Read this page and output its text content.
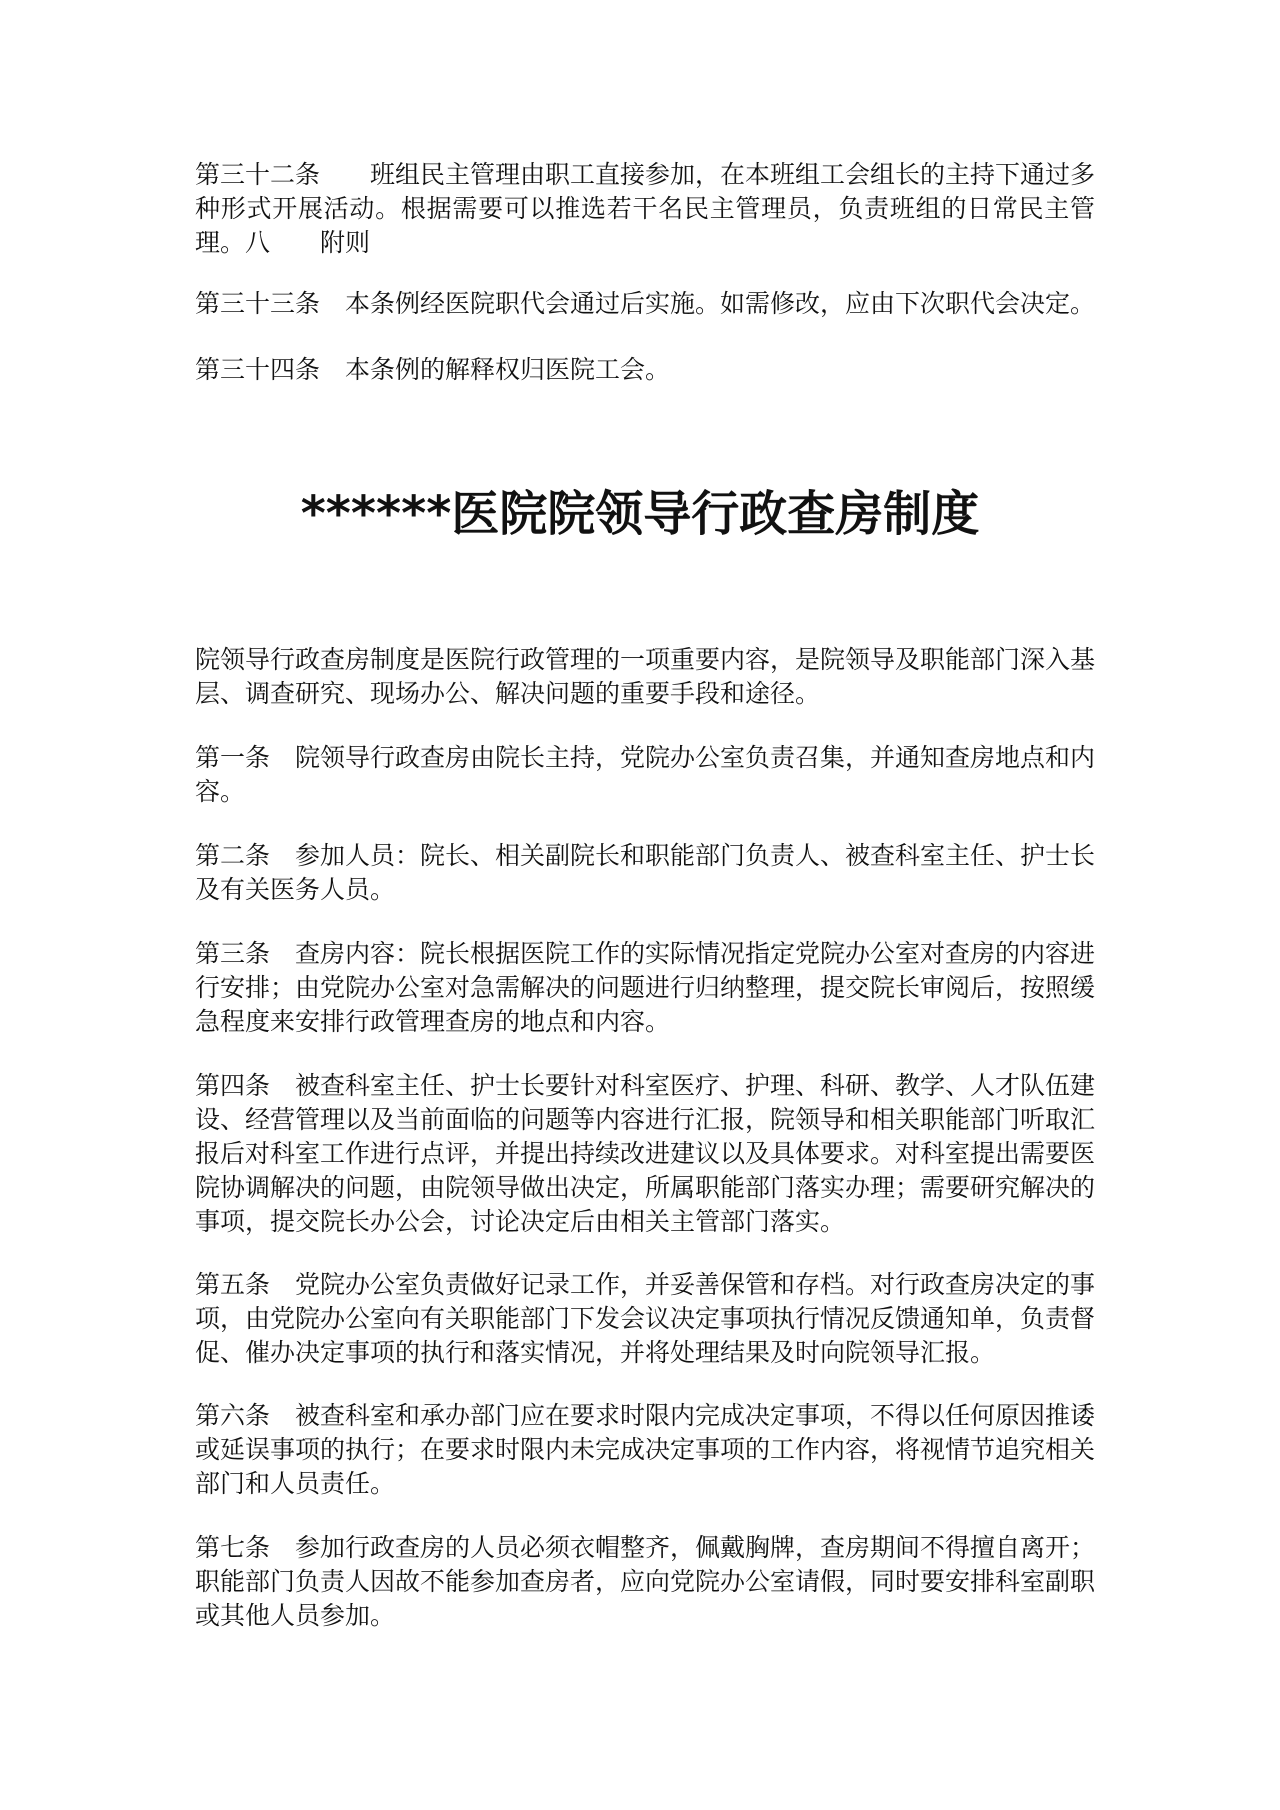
第三十二条　　班组民主管理由职工直接参加，在本班组工会组长的主持下通过多种形式开展活动。根据需要可以推选若干名民主管理员，负责班组的日常民主管理。八　　附则

第三十三条　本条例经医院职代会通过后实施。如需修改，应由下次职代会决定。

第三十四条　本条例的解释权归医院工会。

******医院院领导行政查房制度

院领导行政查房制度是医院行政管理的一项重要内容，是院领导及职能部门深入基层、调查研究、现场办公、解决问题的重要手段和途径。

第一条　院领导行政查房由院长主持，党院办公室负责召集，并通知查房地点和内容。

第二条　参加人员：院长、相关副院长和职能部门负责人、被查科室主任、护士长及有关医务人员。

第三条　查房内容：院长根据医院工作的实际情况指定党院办公室对查房的内容进行安排；由党院办公室对急需解决的问题进行归纳整理，提交院长审阅后，按照缓急程度来安排行政管理查房的地点和内容。

第四条　被查科室主任、护士长要针对科室医疗、护理、科研、教学、人才队伍建设、经营管理以及当前面临的问题等内容进行汇报，院领导和相关职能部门听取汇报后对科室工作进行点评，并提出持续改进建议以及具体要求。对科室提出需要医院协调解决的问题，由院领导做出决定，所属职能部门落实办理；需要研究解决的事项，提交院长办公会，讨论决定后由相关主管部门落实。

第五条　党院办公室负责做好记录工作，并妥善保管和存档。对行政查房决定的事项，由党院办公室向有关职能部门下发会议决定事项执行情况反馈通知单，负责督促、催办决定事项的执行和落实情况，并将处理结果及时向院领导汇报。

第六条　被查科室和承办部门应在要求时限内完成决定事项，不得以任何原因推诿或延误事项的执行；在要求时限内未完成决定事项的工作内容，将视情节追究相关部门和人员责任。

第七条　参加行政查房的人员必须衣帽整齐，佩戴胸牌，查房期间不得擅自离开；职能部门负责人因故不能参加查房者，应向党院办公室请假，同时要安排科室副职或其他人员参加。
